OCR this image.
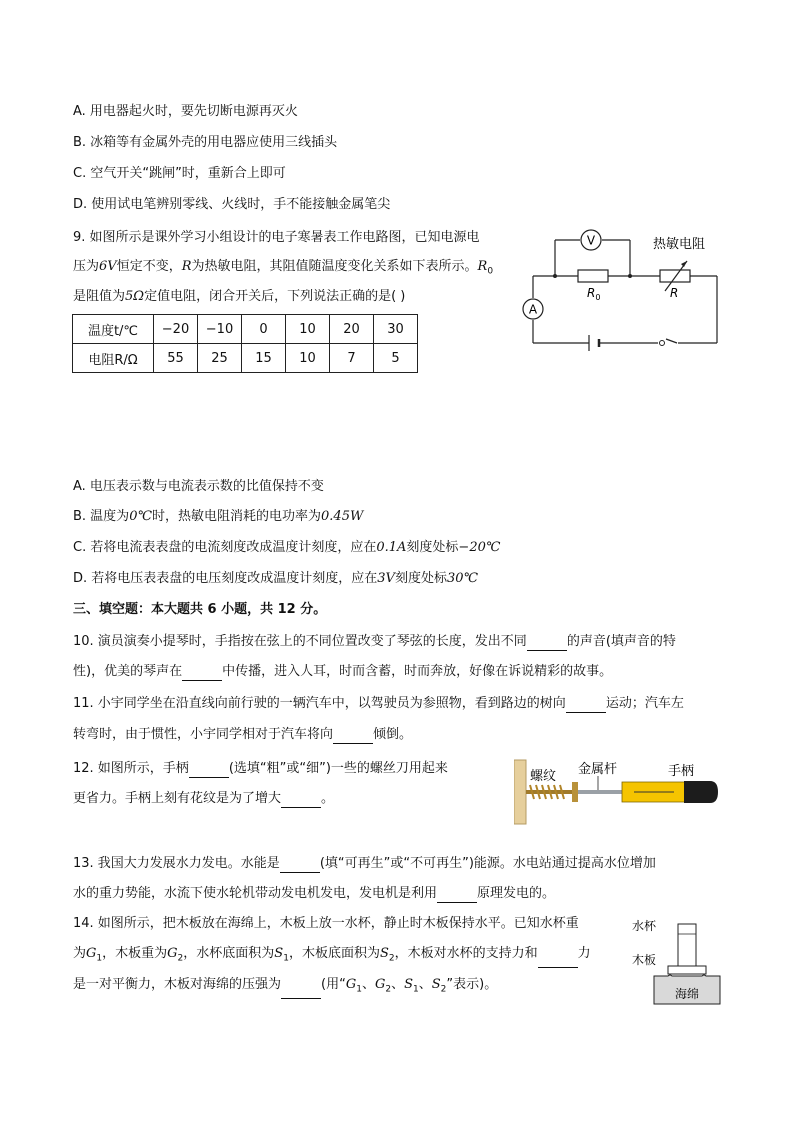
A. 用电器起火时，要先切断电源再灭火
B. 冰箱等有金属外壳的用电器应使用三线插头
C. 空气开关“跳闸”时，重新合上即可
D. 使用试电笔辨别零线、火线时，手不能接触金属笔尖
9. 如图所示是课外学习小组设计的电子寒暑表工作电路图，已知电源电
压为6V恒定不变，R为热敏电阻，其阻值随温度变化关系如下表所示。$R_0$
是阻值为5Ω定值电阻，闭合开关后，下列说法正确的是( )
温度t/℃	−20	−10	0	10	20	30
电阻R/Ω	55	25	15	10	7	5
V
A
热敏电阻
$R_0$	R
A. 电压表示数与电流表示数的比值保持不变
B. 温度为0℃时，热敏电阻消耗的电功率为0.45W
C. 若将电流表表盘的电流刻度改成温度计刻度，应在0.1A刻度处标−20℃
D. 若将电压表表盘的电压刻度改成温度计刻度，应在3V刻度处标30℃
三、填空题：本大题共 6 小题，共 12 分。
10. 演员演奏小提琴时，手指按在弦上的不同位置改变了琴弦的长度，发出不同	的声音(填声音的特
性)，优美的琴声在	中传播，进入人耳，时而含蓄，时而奔放，好像在诉说精彩的故事。
11. 小宇同学坐在沿直线向前行驶的一辆汽车中，以驾驶员为参照物，看到路边的树向	运动；汽车左
转弯时，由于惯性，小宇同学相对于汽车将向	倾倒。
12. 如图所示，手柄	(选填“粗”或“细”)一些的螺丝刀用起来
更省力。手柄上刻有花纹是为了增大	。
螺纹 金属杆	手柄
13. 我国大力发展水力发电。水能是	(填“可再生”或“不可再生”)能源。水电站通过提高水位增加
水的重力势能，水流下使水轮机带动发电机发电，发电机是利用	原理发电的。
14. 如图所示，把木板放在海绵上，木板上放一水杯，静止时木板保持水平。已知水杯重
为$G_1$，木板重为$G_2$，水杯底面积为$S_1$，木板底面积为$S_2$，木板对水杯的支持力和	力
是一对平衡力，木板对海绵的压强为	(用“$G_1$、$G_2$、$S_1$、$S_2$”表示)。
水杯
木板
海绵
